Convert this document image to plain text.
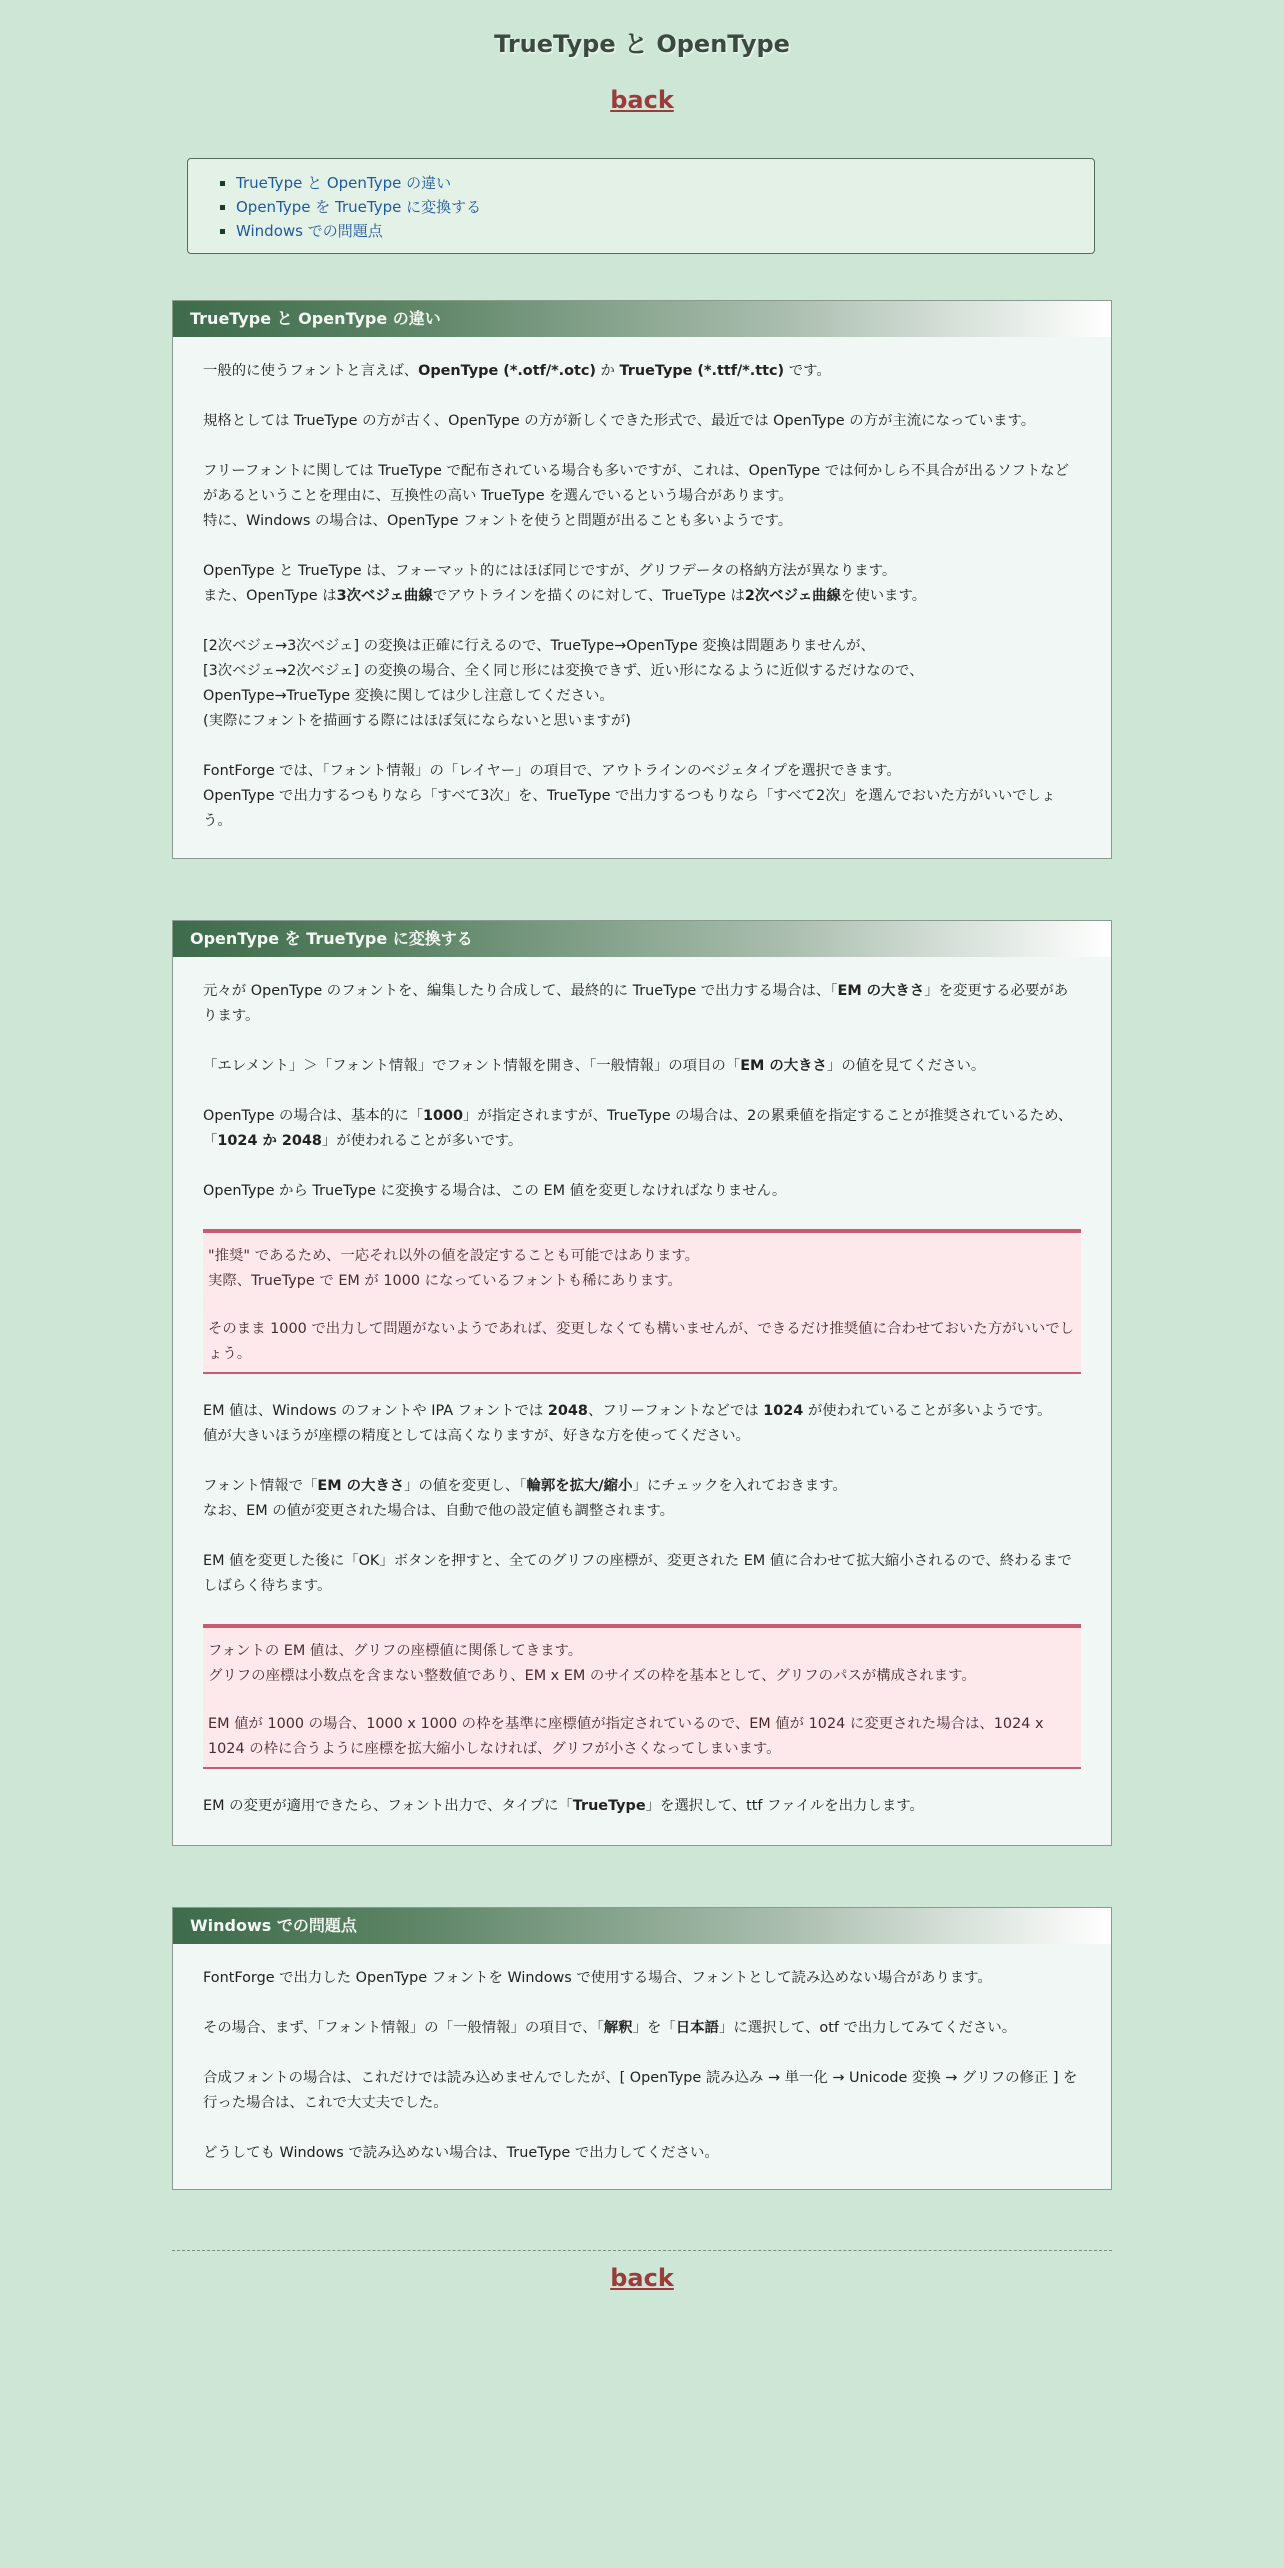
TrueType と OpenType
back
▪ TrueType と OpenType の違い
▪ OpenType を TrueType に変換する
▪ Windows での問題点
TrueType と OpenType の違い

一般的に使うフォントと言えば、OpenType (*.otf/*.otc) か TrueType (*.ttf/*.ttc) です。

規格としては TrueType の方が古く、OpenType の方が新しくできた形式で、最近では OpenType の方が主流になっています。

フリーフォントに関しては TrueType で配布されている場合も多いですが、これは、OpenType では何かしら不具合が出るソフトなどがあるということを理由に、互換性の高い TrueType を選んでいるという場合があります。
特に、Windows の場合は、OpenType フォントを使うと問題が出ることも多いようです。

OpenType と TrueType は、フォーマット的にはほぼ同じですが、グリフデータの格納方法が異なります。
また、OpenType は3次ベジェ曲線でアウトラインを描くのに対して、TrueType は2次ベジェ曲線を使います。

[2次ベジェ→3次ベジェ] の変換は正確に行えるので、TrueType→OpenType 変換は問題ありませんが、
[3次ベジェ→2次ベジェ] の変換の場合、全く同じ形には変換できず、近い形になるように近似するだけなので、
OpenType→TrueType 変換に関しては少し注意してください。
(実際にフォントを描画する際にはほぼ気にならないと思いますが)

FontForge では、「フォント情報」の「レイヤー」の項目で、アウトラインのベジェタイプを選択できます。
OpenType で出力するつもりなら「すべて3次」を、TrueType で出力するつもりなら「すべて2次」を選んでおいた方がいいでしょう。

OpenType を TrueType に変換する

元々が OpenType のフォントを、編集したり合成して、最終的に TrueType で出力する場合は、「EM の大きさ」を変更する必要があります。

「エレメント」＞「フォント情報」でフォント情報を開き、「一般情報」の項目の「EM の大きさ」の値を見てください。

OpenType の場合は、基本的に「1000」が指定されますが、TrueType の場合は、2の累乗値を指定することが推奨されているため、「1024 か 2048」が使われることが多いです。

OpenType から TrueType に変換する場合は、この EM 値を変更しなければなりません。

"推奨" であるため、一応それ以外の値を設定することも可能ではあります。
実際、TrueType で EM が 1000 になっているフォントも稀にあります。

そのまま 1000 で出力して問題がないようであれば、変更しなくても構いませんが、できるだけ推奨値に合わせておいた方がいいでしょう。

EM 値は、Windows のフォントや IPA フォントでは 2048、フリーフォントなどでは 1024 が使われていることが多いようです。
値が大きいほうが座標の精度としては高くなりますが、好きな方を使ってください。

フォント情報で「EM の大きさ」の値を変更し、「輪郭を拡大/縮小」にチェックを入れておきます。
なお、EM の値が変更された場合は、自動で他の設定値も調整されます。

EM 値を変更した後に「OK」ボタンを押すと、全てのグリフの座標が、変更された EM 値に合わせて拡大縮小されるので、終わるまでしばらく待ちます。

フォントの EM 値は、グリフの座標値に関係してきます。
グリフの座標は小数点を含まない整数値であり、EM x EM のサイズの枠を基本として、グリフのパスが構成されます。

EM 値が 1000 の場合、1000 x 1000 の枠を基準に座標値が指定されているので、EM 値が 1024 に変更された場合は、1024 x 1024 の枠に合うように座標を拡大縮小しなければ、グリフが小さくなってしまいます。

EM の変更が適用できたら、フォント出力で、タイプに「TrueType」を選択して、ttf ファイルを出力します。

Windows での問題点

FontForge で出力した OpenType フォントを Windows で使用する場合、フォントとして読み込めない場合があります。

その場合、まず、「フォント情報」の「一般情報」の項目で、「解釈」を「日本語」に選択して、otf で出力してみてください。

合成フォントの場合は、これだけでは読み込めませんでしたが、[ OpenType 読み込み → 単一化 → Unicode 変換 → グリフの修正 ] を行った場合は、これで大丈夫でした。

どうしても Windows で読み込めない場合は、TrueType で出力してください。

back
